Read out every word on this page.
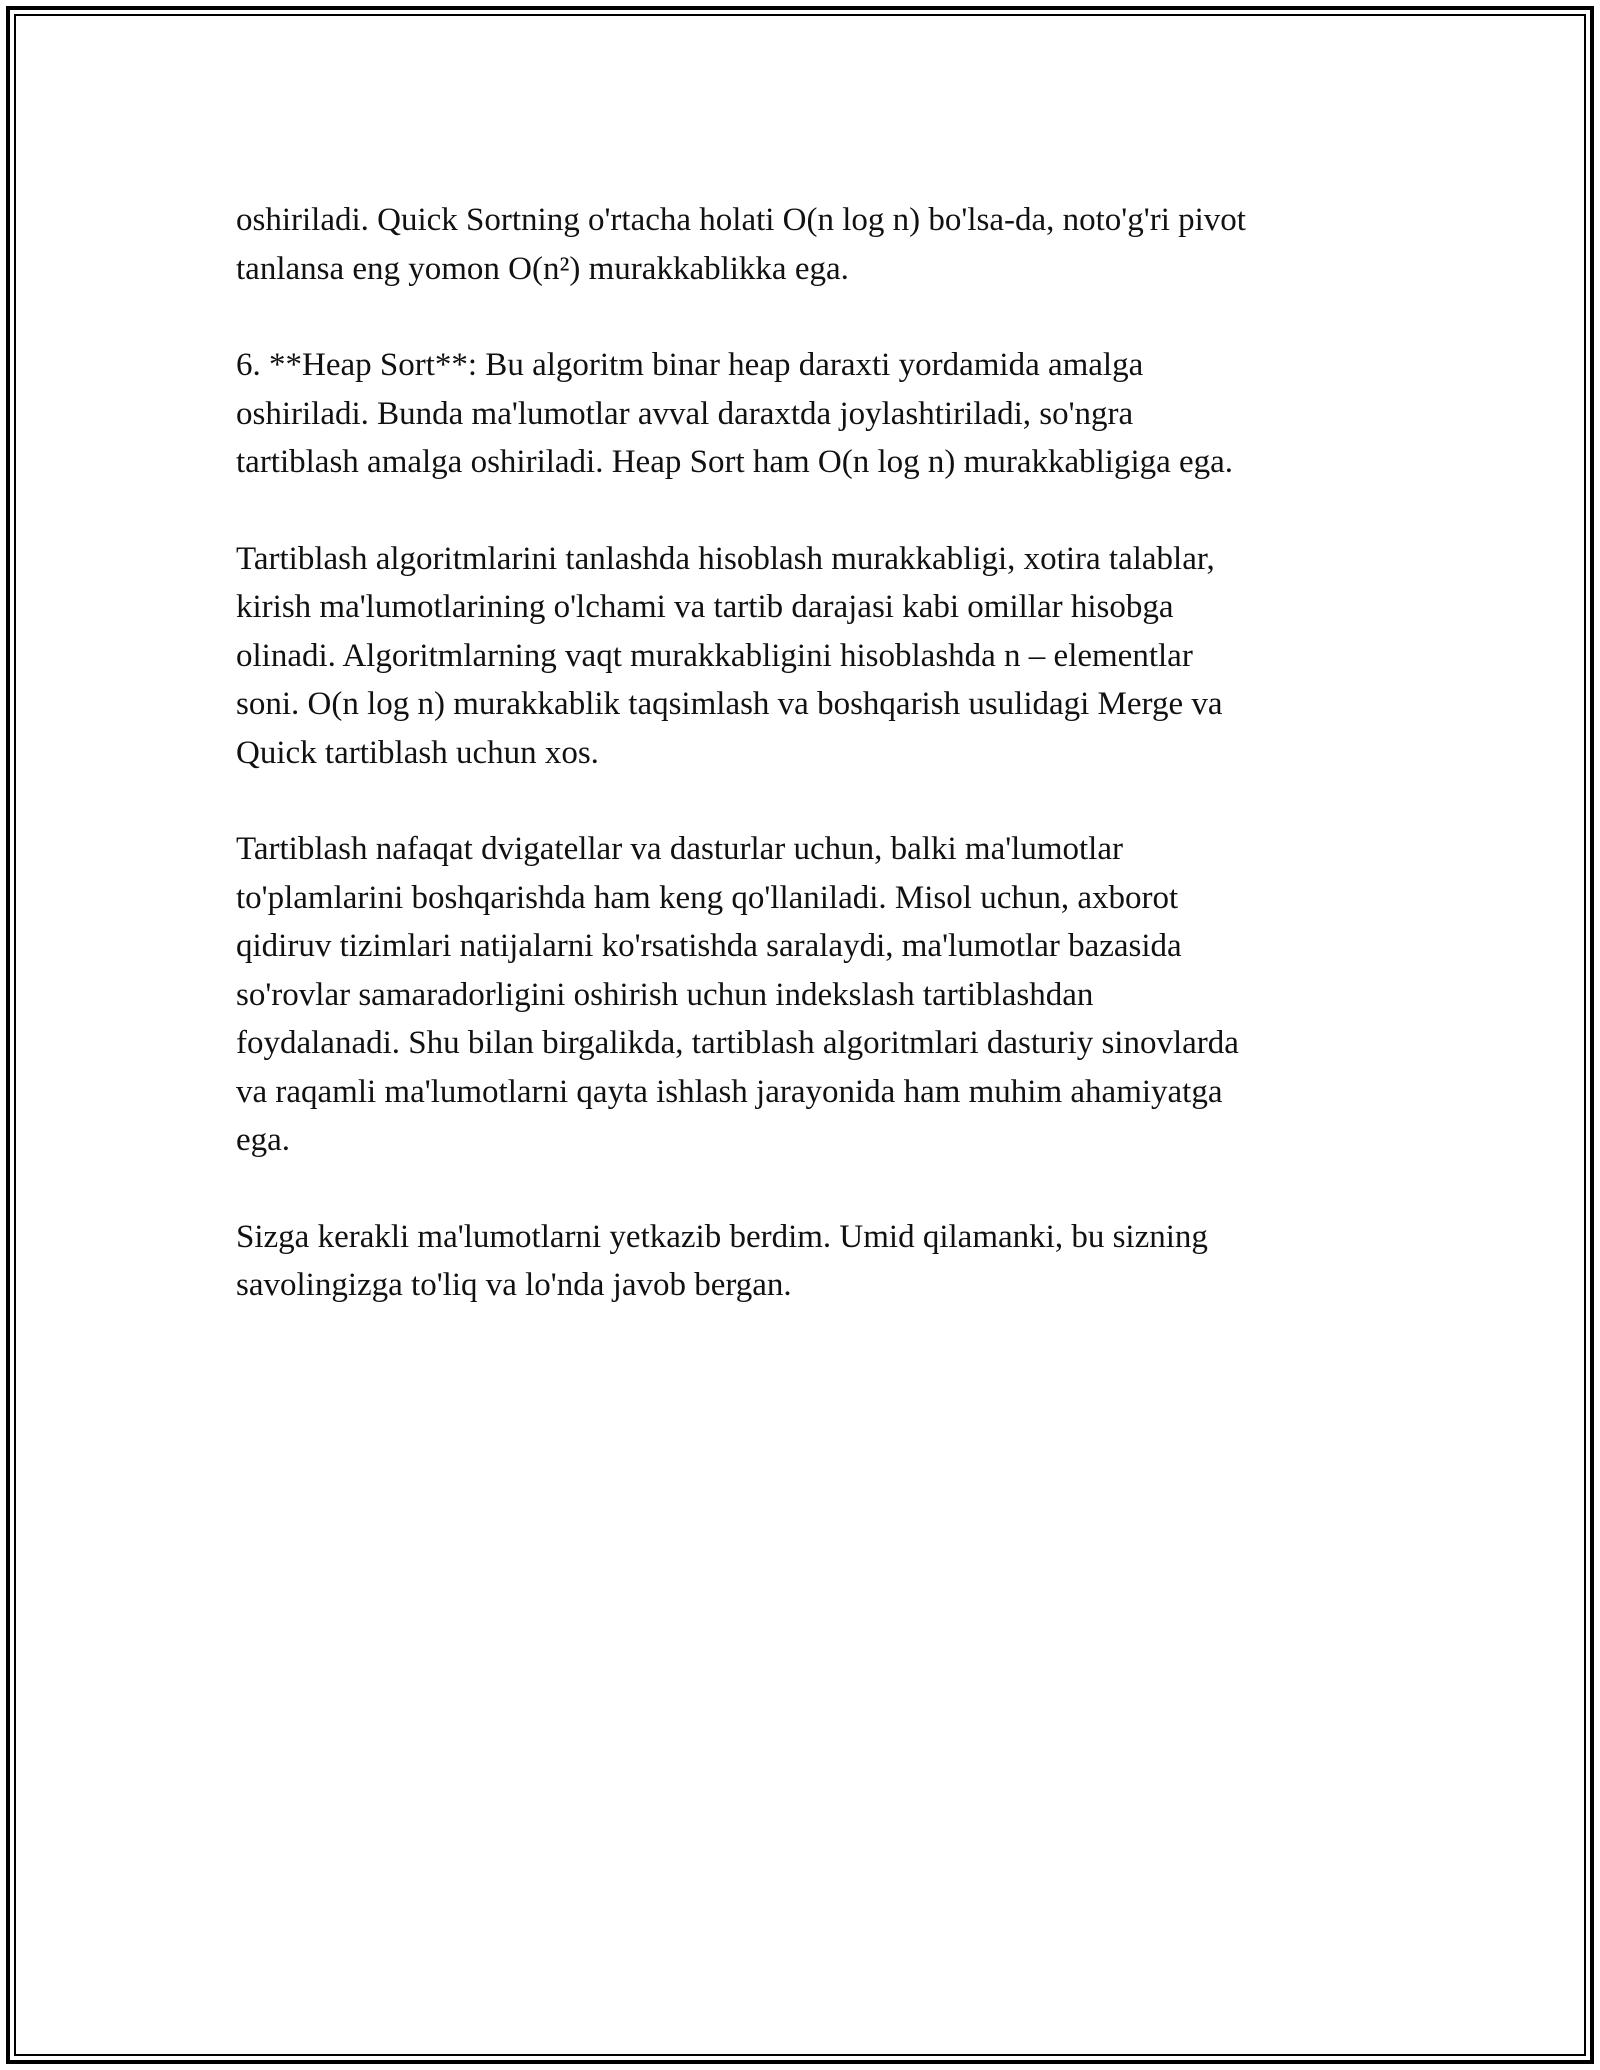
oshiriladi. Quick Sortning o'rtacha holati O(n log n) bo'lsa-da, noto'g'ri pivot
tanlansa eng yomon O(n²) murakkablikka ega.

6. **Heap Sort**: Bu algoritm binar heap daraxti yordamida amalga
oshiriladi. Bunda ma'lumotlar avval daraxtda joylashtiriladi, so'ngra
tartiblash amalga oshiriladi. Heap Sort ham O(n log n) murakkabligiga ega.

Tartiblash algoritmlarini tanlashda hisoblash murakkabligi, xotira talablar,
kirish ma'lumotlarining o'lchami va tartib darajasi kabi omillar hisobga
olinadi. Algoritmlarning vaqt murakkabligini hisoblashda n – elementlar
soni. O(n log n) murakkablik taqsimlash va boshqarish usulidagi Merge va
Quick tartiblash uchun xos.

Tartiblash nafaqat dvigatellar va dasturlar uchun, balki ma'lumotlar
to'plamlarini boshqarishda ham keng qo'llaniladi. Misol uchun, axborot
qidiruv tizimlari natijalarni ko'rsatishda saralaydi, ma'lumotlar bazasida
so'rovlar samaradorligini oshirish uchun indekslash tartiblashdan
foydalanadi. Shu bilan birgalikda, tartiblash algoritmlari dasturiy sinovlarda
va raqamli ma'lumotlarni qayta ishlash jarayonida ham muhim ahamiyatga
ega.

Sizga kerakli ma'lumotlarni yetkazib berdim. Umid qilamanki, bu sizning
savolingizga to'liq va lo'nda javob bergan.
